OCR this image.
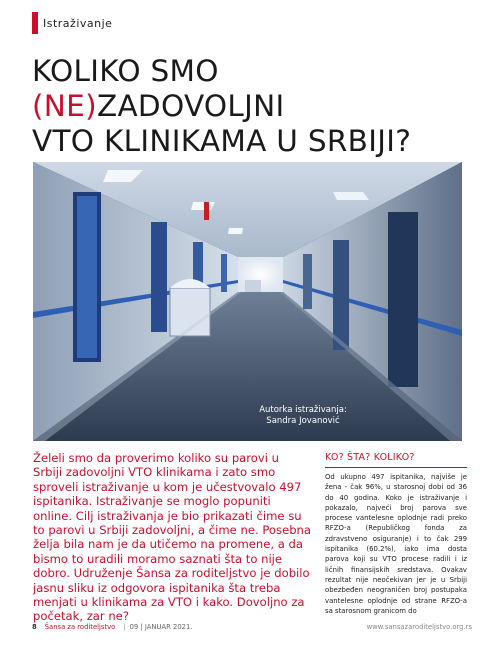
Istraživanje
KOLIKO SMO
(NE)ZADOVOLJNI
VTO KLINIKAMA U SRBIJI?
Autorka istraživanja:
Sandra Jovanović

Želeli smo da proverimo koliko su parovi u Srbiji zadovoljni VTO klinikama i zato smo sproveli istraživanje u kom je učestvovalo 497 ispitanika. Istraživanje se moglo popuniti online. Cilj istraživanja je bio prikazati čime su to parovi u Srbiji zadovoljni, a čime ne. Posebna želja bila nam je da utičemo na promene, a da bismo to uradili moramo saznati šta to nije dobro. Udruženje Šansa za roditeljstvo je dobilo jasnu sliku iz odgovora ispitanika šta treba menjati u klinikama za VTO i kako. Dovoljno za početak, zar ne?

KO? ŠTA? KOLIKO?

Od ukupno 497 ispitanika, najviše je žena - čak 96%, u starosnoj dobi od 36 do 40 godina. Koko je istraživanje i pokazalo, najveći broj parova sve procese vantelesne oplodnje radi preko RFZO-a (Republičkog fonda za zdravstveno osiguranje) i to čak 299 ispitanika (60.2%), iako ima dosta parova koji su VTO procese radili i iz ličnih finansijskih sredstava. Ovakav rezultat nije neočekivan jer je u Srbiji obezbeđen neograničen broj postupaka vantelesne oplodnje od strane RFZO-a sa starosnom granicom do

8 Šansa za roditeljstvo | 09 | JANUAR 2021.	www.sansazaroditeljstvo.org.rs
